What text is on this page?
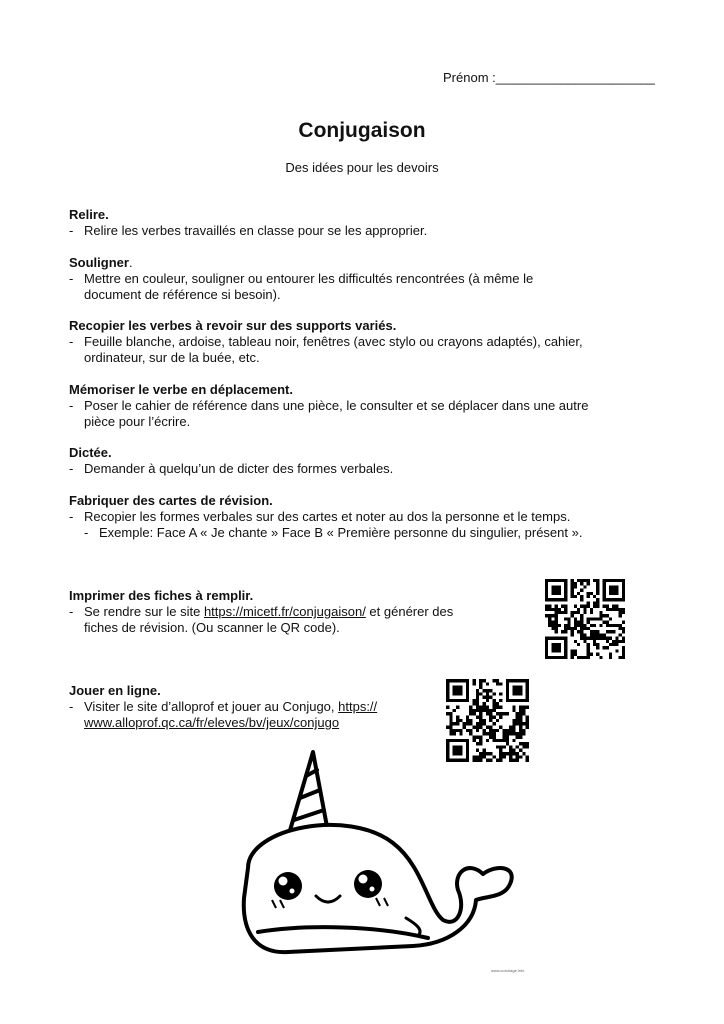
Prénom :______________________
Conjugaison
Des idées pour les devoirs
Relire.
- Relire les verbes travaillés en classe pour se les approprier.
Souligner.
- Mettre en couleur, souligner ou entourer les difficultés rencontrées (à même le
document de référence si besoin).
Recopier les verbes à revoir sur des supports variés.
- Feuille blanche, ardoise, tableau noir, fenêtres (avec stylo ou crayons adaptés), cahier,
ordinateur, sur de la buée, etc.
Mémoriser le verbe en déplacement.
- Poser le cahier de référence dans une pièce, le consulter et se déplacer dans une autre
pièce pour l’écrire.
Dictée.
- Demander à quelqu’un de dicter des formes verbales.
Fabriquer des cartes de révision.
- Recopier les formes verbales sur des cartes et noter au dos la personne et le temps.
- Exemple: Face A « Je chante » Face B « Première personne du singulier, présent ».
Imprimer des fiches à remplir.
- Se rendre sur le site https://micetf.fr/conjugaison/ et générer des
fiches de révision. (Ou scanner le QR code).
Jouer en ligne.
- Visiter le site d’alloprof et jouer au Conjugo, https://
www.alloprof.qc.ca/fr/eleves/bv/jeux/conjugo
www.coloriage.info
